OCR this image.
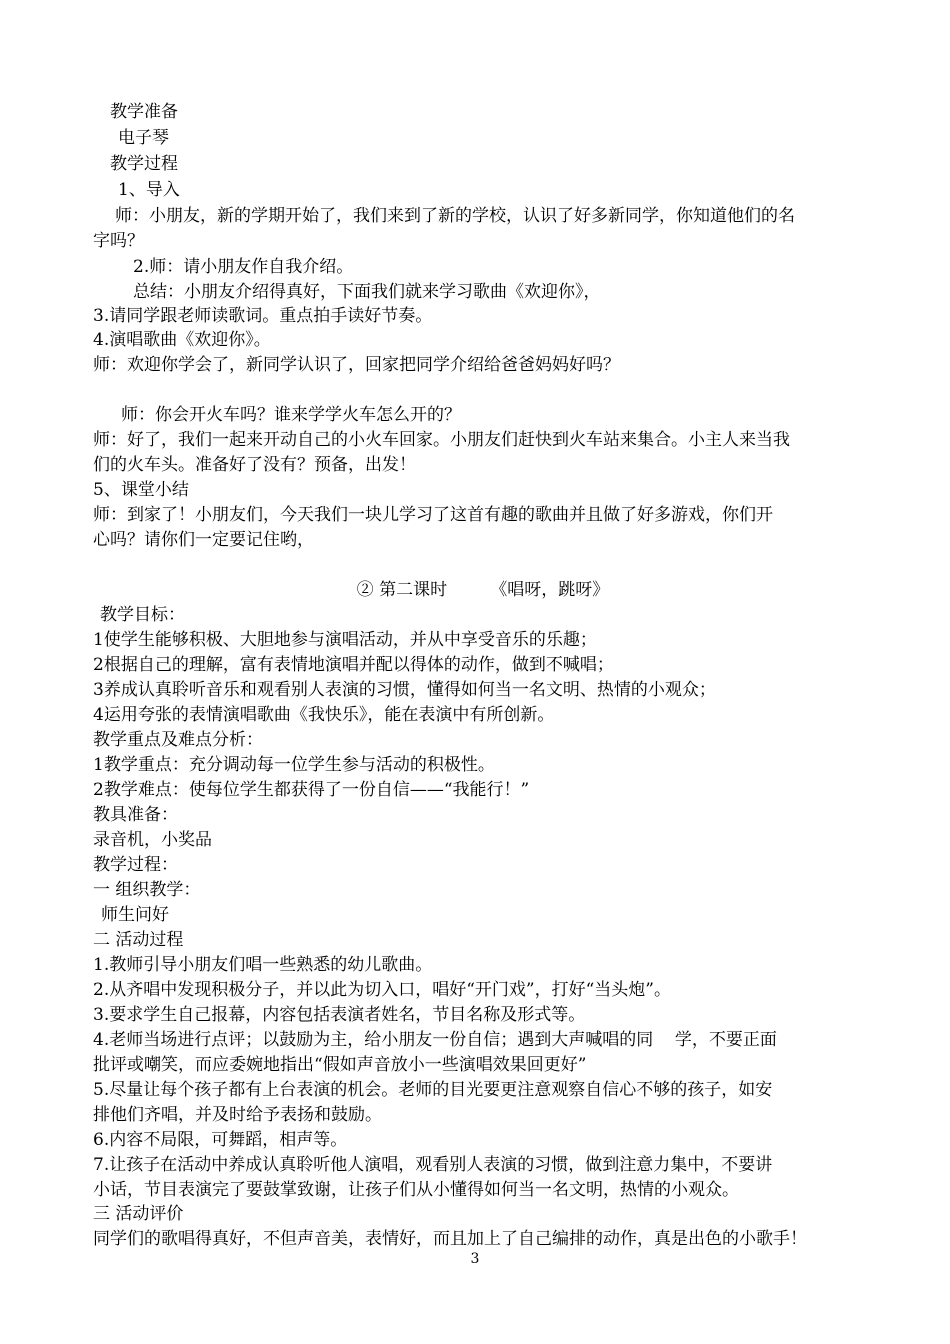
教学准备
电子琴
教学过程
1、导入
师：小朋友，新的学期开始了，我们来到了新的学校，认识了好多新同学，你知道他们的名
字吗？
2.师：请小朋友作自我介绍。
总结：小朋友介绍得真好，下面我们就来学习歌曲《欢迎你》，
3.请同学跟老师读歌词。重点拍手读好节奏。
4.演唱歌曲《欢迎你》。
师：欢迎你学会了，新同学认识了，回家把同学介绍给爸爸妈妈好吗？
师：你会开火车吗？谁来学学火车怎么开的？
师：好了，我们一起来开动自己的小火车回家。小朋友们赶快到火车站来集合。小主人来当我
们的火车头。准备好了没有？预备，出发！
5、课堂小结
师：到家了！小朋友们，今天我们一块儿学习了这首有趣的歌曲并且做了好多游戏，你们开
心吗？请你们一定要记住哟，
② 第二课时        《唱呀，跳呀》
教学目标：
1使学生能够积极、大胆地参与演唱活动，并从中享受音乐的乐趣；
2根据自己的理解，富有表情地演唱并配以得体的动作，做到不喊唱；
3养成认真聆听音乐和观看别人表演的习惯，懂得如何当一名文明、热情的小观众；
4运用夸张的表情演唱歌曲《我快乐》，能在表演中有所创新。
教学重点及难点分析：
1教学重点：充分调动每一位学生参与活动的积极性。
2教学难点：使每位学生都获得了一份自信——“我能行！”
教具准备：
录音机，小奖品
教学过程：
一 组织教学：
师生问好
二 活动过程
1.教师引导小朋友们唱一些熟悉的幼儿歌曲。
2.从齐唱中发现积极分子，并以此为切入口，唱好“开门戏”，打好“当头炮”。
3.要求学生自己报幕，内容包括表演者姓名，节目名称及形式等。
4.老师当场进行点评；以鼓励为主，给小朋友一份自信；遇到大声喊唱的同    学，不要正面
批评或嘲笑，而应委婉地指出“假如声音放小一些演唱效果回更好”
5.尽量让每个孩子都有上台表演的机会。老师的目光要更注意观察自信心不够的孩子，如安
排他们齐唱，并及时给予表扬和鼓励。
6.内容不局限，可舞蹈，相声等。
7.让孩子在活动中养成认真聆听他人演唱，观看别人表演的习惯，做到注意力集中，不要讲
小话，节目表演完了要鼓掌致谢，让孩子们从小懂得如何当一名文明，热情的小观众。
三 活动评价
同学们的歌唱得真好，不但声音美，表情好，而且加上了自己编排的动作，真是出色的小歌手！
3
